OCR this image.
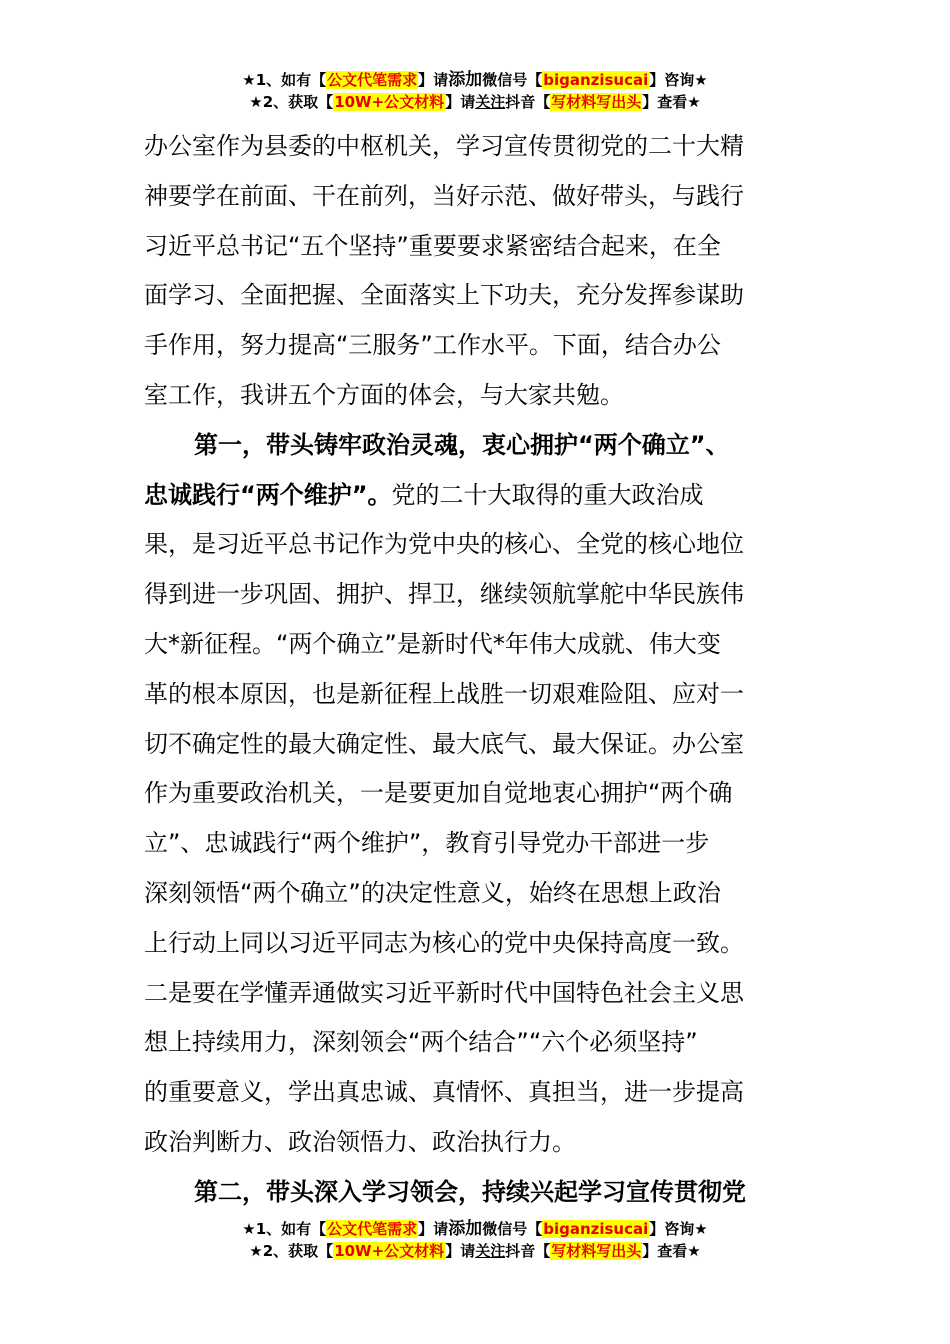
★1、如有【公文代笔需求】请添加微信号【biganzisucai】咨询★
★2、获取【10W+公文材料】请关注抖音【写材料写出头】查看★
办公室作为县委的中枢机关，学习宣传贯彻党的二十大精
神要学在前面、干在前列，当好示范、做好带头，与践行
习近平总书记“五个坚持”重要要求紧密结合起来，在全
面学习、全面把握、全面落实上下功夫，充分发挥参谋助
手作用，努力提高“三服务”工作水平。下面，结合办公
室工作，我讲五个方面的体会，与大家共勉。
第一，带头铸牢政治灵魂，衷心拥护“两个确立”、
忠诚践行“两个维护”。党的二十大取得的重大政治成
果，是习近平总书记作为党中央的核心、全党的核心地位
得到进一步巩固、拥护、捍卫，继续领航掌舵中华民族伟
大*新征程。“两个确立”是新时代*年伟大成就、伟大变
革的根本原因，也是新征程上战胜一切艰难险阻、应对一
切不确定性的最大确定性、最大底气、最大保证。办公室
作为重要政治机关，一是要更加自觉地衷心拥护“两个确
立”、忠诚践行“两个维护”，教育引导党办干部进一步
深刻领悟“两个确立”的决定性意义，始终在思想上政治
上行动上同以习近平同志为核心的党中央保持高度一致。
二是要在学懂弄通做实习近平新时代中国特色社会主义思
想上持续用力，深刻领会“两个结合”“六个必须坚持”
的重要意义，学出真忠诚、真情怀、真担当，进一步提高
政治判断力、政治领悟力、政治执行力。
第二，带头深入学习领会，持续兴起学习宣传贯彻党
★1、如有【公文代笔需求】请添加微信号【biganzisucai】咨询★
★2、获取【10W+公文材料】请关注抖音【写材料写出头】查看★
